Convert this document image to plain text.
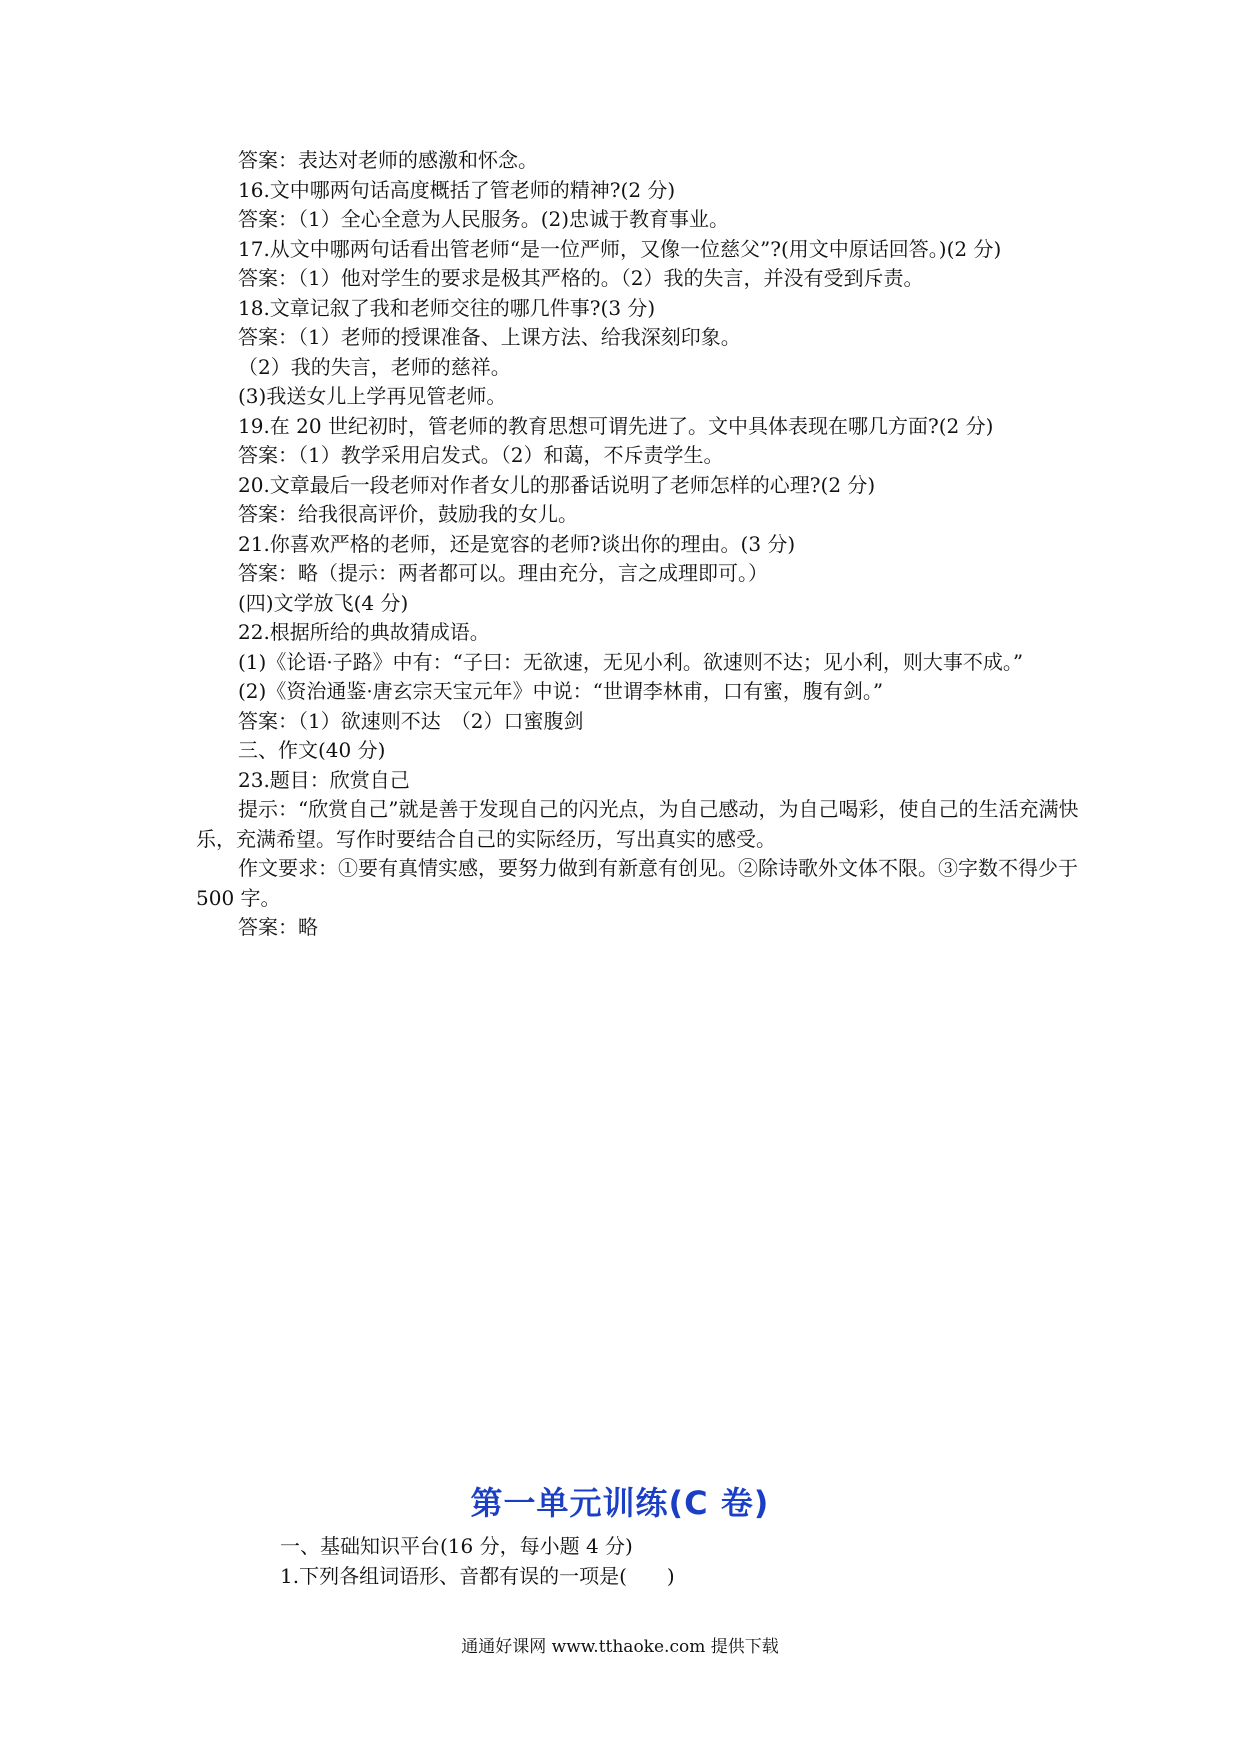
答案：表达对老师的感激和怀念。

16.文中哪两句话高度概括了管老师的精神?(2 分)

答案：（1）全心全意为人民服务。(2)忠诚于教育事业。

17.从文中哪两句话看出管老师“是一位严师，又像一位慈父”?(用文中原话回答。)(2 分)

答案：（1）他对学生的要求是极其严格的。（2）我的失言，并没有受到斥责。

18.文章记叙了我和老师交往的哪几件事?(3 分)

答案：（1）老师的授课准备、上课方法、给我深刻印象。

（2）我的失言，老师的慈祥。

(3)我送女儿上学再见管老师。

19.在 20 世纪初时，管老师的教育思想可谓先进了。文中具体表现在哪几方面?(2 分)

答案：（1）教学采用启发式。（2）和蔼，不斥责学生。

20.文章最后一段老师对作者女儿的那番话说明了老师怎样的心理?(2 分)

答案：给我很高评价，鼓励我的女儿。

21.你喜欢严格的老师，还是宽容的老师?谈出你的理由。(3 分)

答案：略（提示：两者都可以。理由充分，言之成理即可。）

(四)文学放飞(4 分)

22.根据所给的典故猜成语。

(1)《论语·子路》中有：“子曰：无欲速，无见小利。欲速则不达；见小利，则大事不成。”

(2)《资治通鉴·唐玄宗天宝元年》中说：“世谓李林甫，口有蜜，腹有剑。”

答案：（1）欲速则不达　（2）口蜜腹剑

三、作文(40 分)

23.题目：欣赏自己

提示：“欣赏自己”就是善于发现自己的闪光点，为自己感动，为自己喝彩，使自己的生活充满快乐，充满希望。写作时要结合自己的实际经历，写出真实的感受。

作文要求：①要有真情实感，要努力做到有新意有创见。②除诗歌外文体不限。③字数不得少于 500 字。

答案：略

第一单元训练(C 卷)

一、基础知识平台(16 分，每小题 4 分)

1.下列各组词语形、音都有误的一项是(　　)

通通好课网 www.tthaoke.com 提供下载
